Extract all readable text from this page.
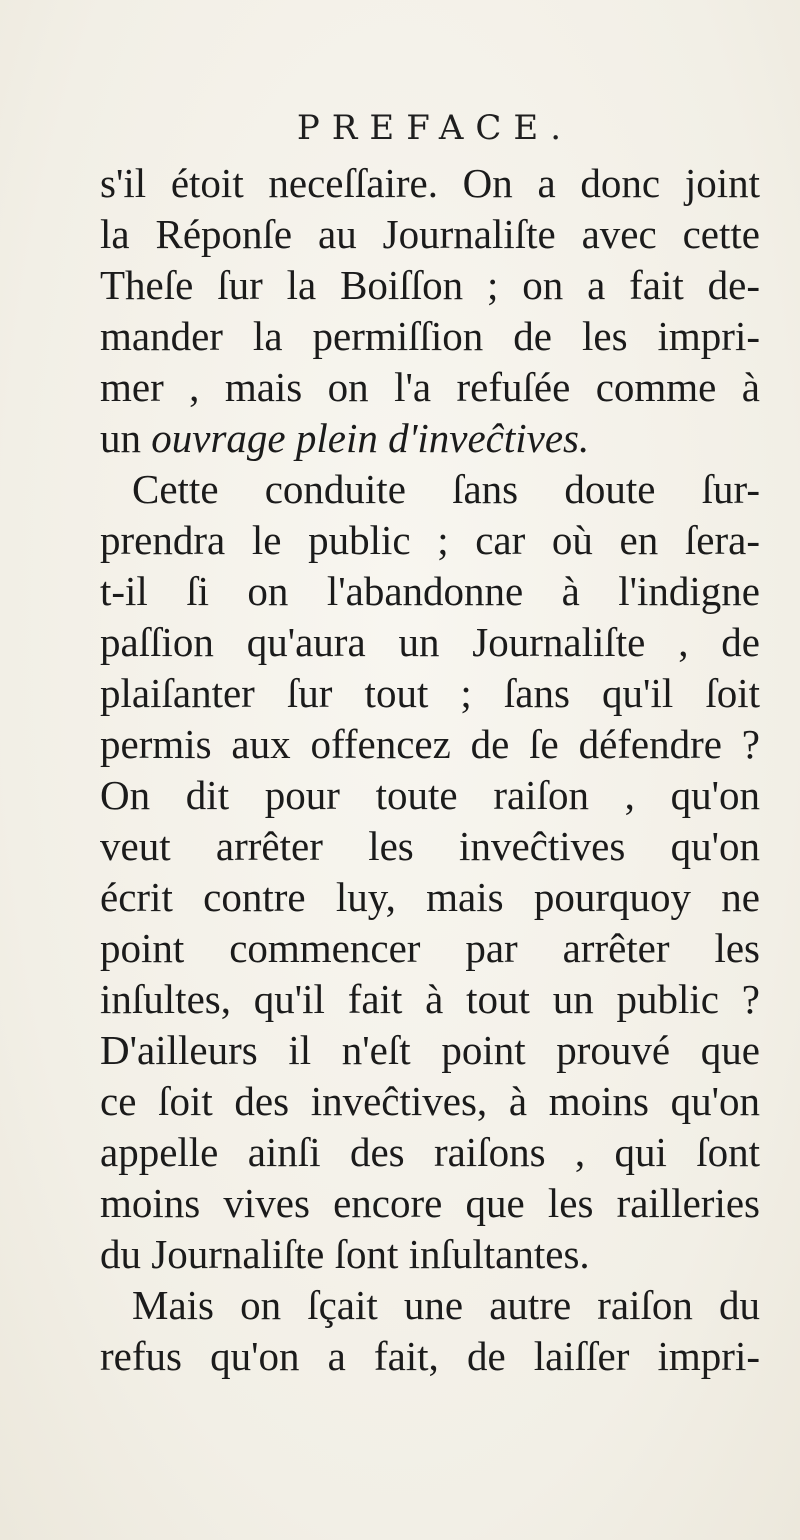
PREFACE.
s'il étoit neceſſaire. On a donc joint
la Réponſe au Journaliſte avec cette
Theſe ſur la Boiſſon ; on a fait de-
mander la permiſſion de les impri-
mer , mais on l'a refuſée comme à
un ouvrage plein d'inveĉtives.
Cette conduite ſans doute ſur-
prendra le public ; car où en ſera-
t-il ſi on l'abandonne à l'indigne
paſſion qu'aura un Journaliſte , de
plaiſanter ſur tout ; ſans qu'il ſoit
permis aux offencez de ſe défendre ?
On dit pour toute raiſon , qu'on
veut arrêter les inveĉtives qu'on
écrit contre luy, mais pourquoy ne
point commencer par arrêter les
inſultes, qu'il fait à tout un public ?
D'ailleurs il n'eſt point prouvé que
ce ſoit des inveĉtives, à moins qu'on
appelle ainſi des raiſons , qui ſont
moins vives encore que les railleries
du Journaliſte ſont inſultantes.
Mais on ſçait une autre raiſon du
refus qu'on a fait, de laiſſer impri-
